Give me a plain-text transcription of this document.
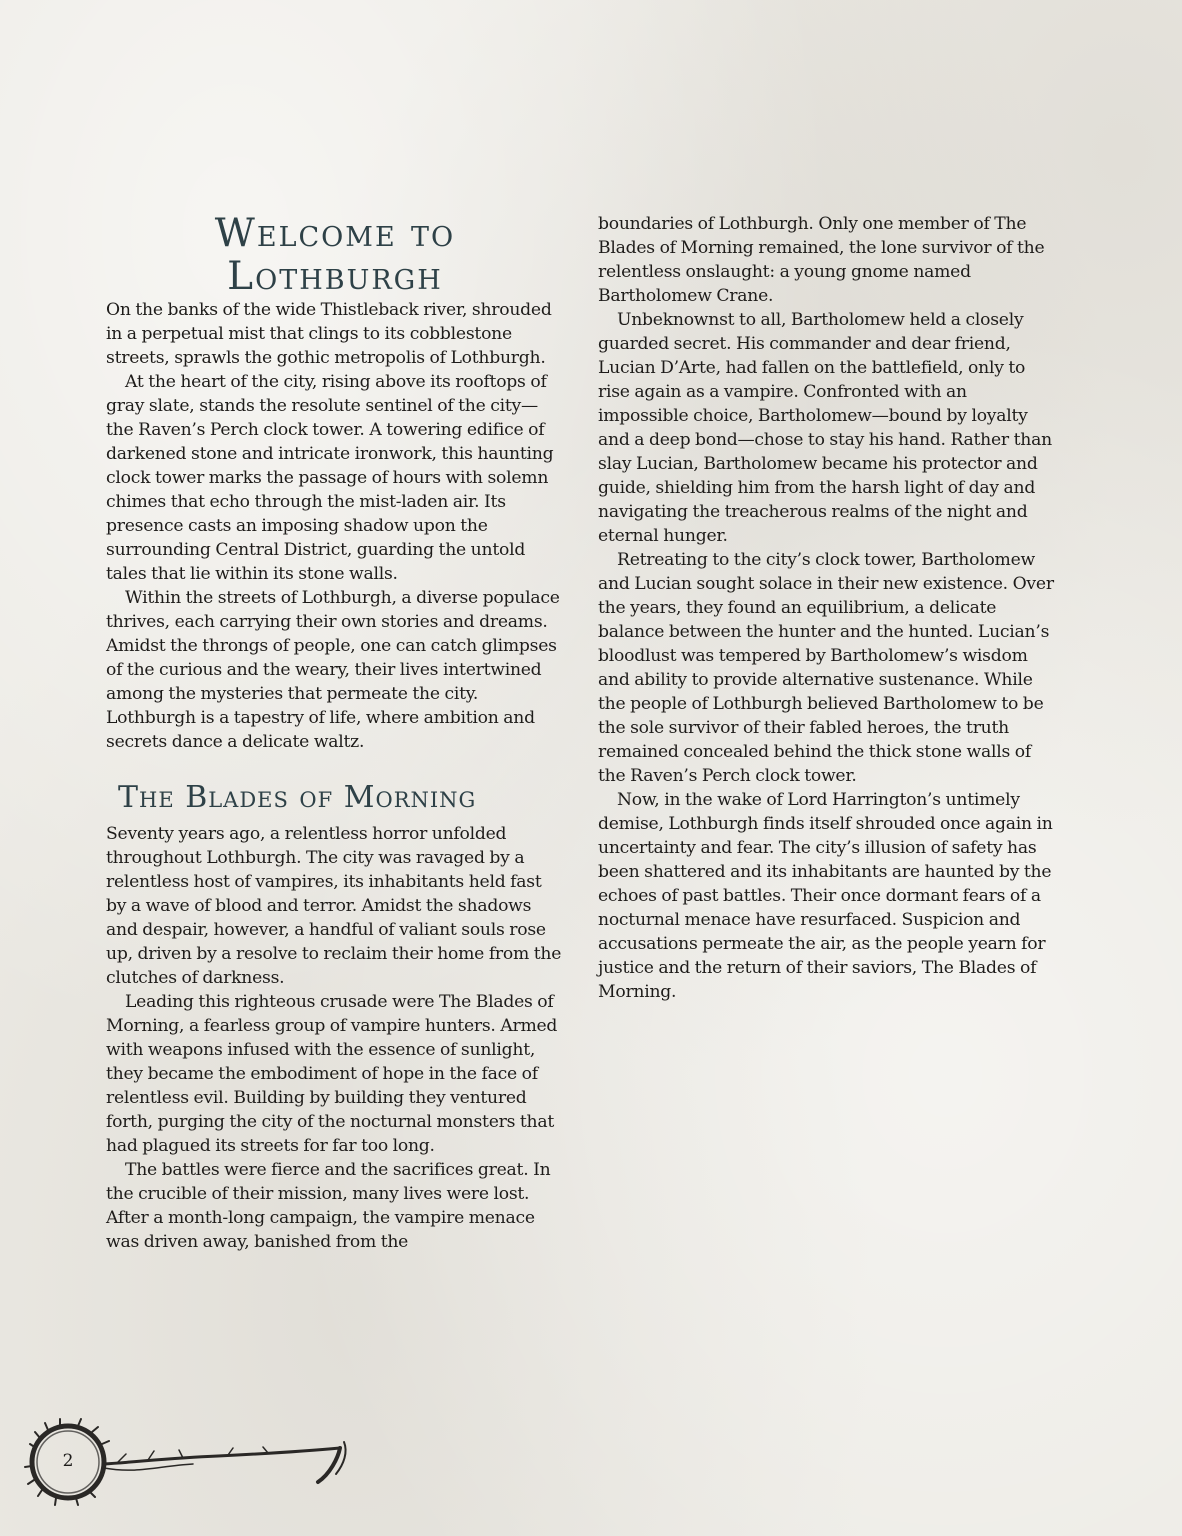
Welcome to Lothburgh

On the banks of the wide Thistleback river, shrouded in a perpetual mist that clings to its cobblestone streets, sprawls the gothic metropolis of Lothburgh.

At the heart of the city, rising above its rooftops of gray slate, stands the resolute sentinel of the city—the Raven’s Perch clock tower. A towering edifice of darkened stone and intricate ironwork, this haunting clock tower marks the passage of hours with solemn chimes that echo through the mist-laden air. Its presence casts an imposing shadow upon the surrounding Central District, guarding the untold tales that lie within its stone walls.

Within the streets of Lothburgh, a diverse populace thrives, each carrying their own stories and dreams. Amidst the throngs of people, one can catch glimpses of the curious and the weary, their lives intertwined among the mysteries that permeate the city. Lothburgh is a tapestry of life, where ambition and secrets dance a delicate waltz.

The Blades of Morning

Seventy years ago, a relentless horror unfolded throughout Lothburgh. The city was ravaged by a relentless host of vampires, its inhabitants held fast by a wave of blood and terror. Amidst the shadows and despair, however, a handful of valiant souls rose up, driven by a resolve to reclaim their home from the clutches of darkness.

Leading this righteous crusade were The Blades of Morning, a fearless group of vampire hunters. Armed with weapons infused with the essence of sunlight, they became the embodiment of hope in the face of relentless evil. Building by building they ventured forth, purging the city of the nocturnal monsters that had plagued its streets for far too long.

The battles were fierce and the sacrifices great. In the crucible of their mission, many lives were lost. After a month-long campaign, the vampire menace was driven away, banished from the

boundaries of Lothburgh. Only one member of The Blades of Morning remained, the lone survivor of the relentless onslaught: a young gnome named Bartholomew Crane.

Unbeknownst to all, Bartholomew held a closely guarded secret. His commander and dear friend, Lucian D’Arte, had fallen on the battlefield, only to rise again as a vampire. Confronted with an impossible choice, Bartholomew—bound by loyalty and a deep bond—chose to stay his hand. Rather than slay Lucian, Bartholomew became his protector and guide, shielding him from the harsh light of day and navigating the treacherous realms of the night and eternal hunger.

Retreating to the city’s clock tower, Bartholomew and Lucian sought solace in their new existence. Over the years, they found an equilibrium, a delicate balance between the hunter and the hunted. Lucian’s bloodlust was tempered by Bartholomew’s wisdom and ability to provide alternative sustenance. While the people of Lothburgh believed Bartholomew to be the sole survivor of their fabled heroes, the truth remained concealed behind the thick stone walls of the Raven’s Perch clock tower.

Now, in the wake of Lord Harrington’s untimely demise, Lothburgh finds itself shrouded once again in uncertainty and fear. The city’s illusion of safety has been shattered and its inhabitants are haunted by the echoes of past battles. Their once dormant fears of a nocturnal menace have resurfaced. Suspicion and accusations permeate the air, as the people yearn for justice and the return of their saviors, The Blades of Morning.

2
